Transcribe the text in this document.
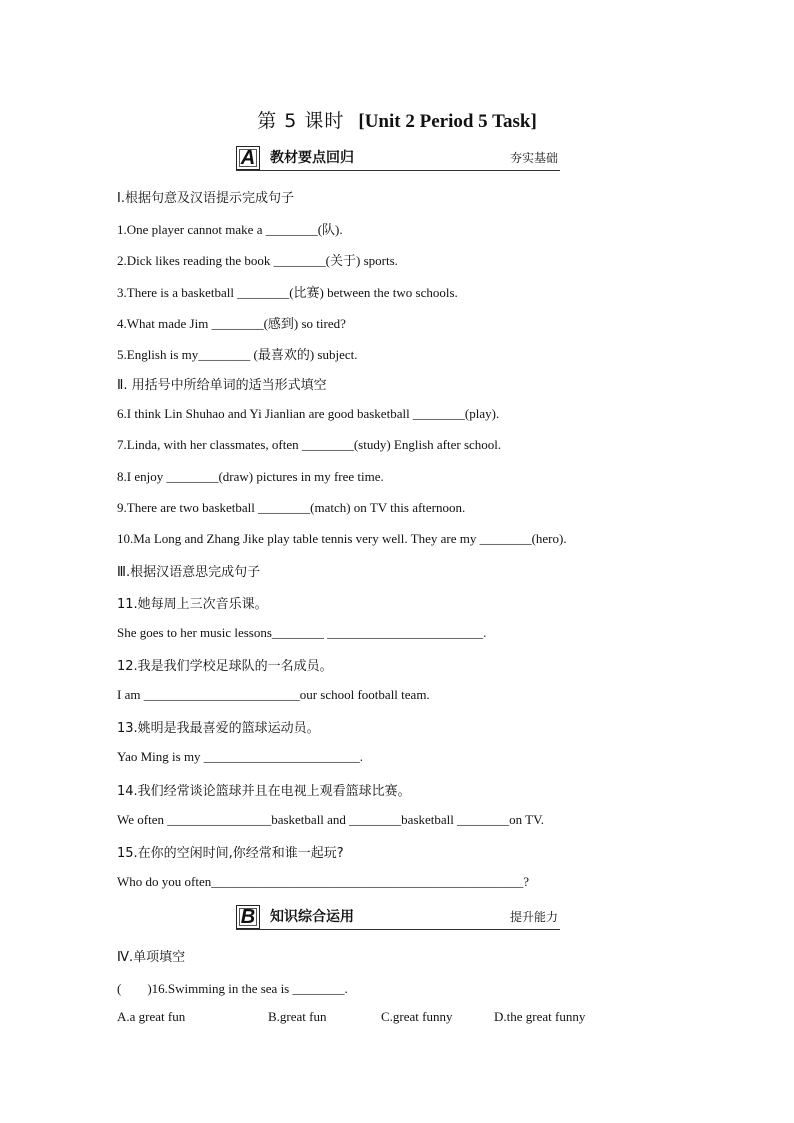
第 5 课时 [Unit 2 Period 5 Task]
A	教材要点回归	夯实基础
Ⅰ.根据句意及汉语提示完成句子
1.One player cannot make a ________(队).
2.Dick likes reading the book ________(关于) sports.
3.There is a basketball ________(比赛) between the two schools.
4.What made Jim ________(感到) so tired?
5.English is my________ (最喜欢的) subject.
Ⅱ. 用括号中所给单词的适当形式填空
6.I think Lin Shuhao and Yi Jianlian are good basketball ________(play).
7.Linda, with her classmates, often ________(study) English after school.
8.I enjoy ________(draw) pictures in my free time.
9.There are two basketball ________(match) on TV this afternoon.
10.Ma Long and Zhang Jike play table tennis very well. They are my ________(hero).
Ⅲ.根据汉语意思完成句子
11.她每周上三次音乐课。
She goes to her music lessons________ ________________________.
12.我是我们学校足球队的一名成员。
I am ________________________our school football team.
13.姚明是我最喜爱的篮球运动员。
Yao Ming is my ________________________.
14.我们经常谈论篮球并且在电视上观看篮球比赛。
We often ________________basketball and ________basketball ________on TV.
15.在你的空闲时间,你经常和谁一起玩?
Who do you often________________________________________________?
B	知识综合运用	提升能力
Ⅳ.单项填空
(　　)16.Swimming in the sea is ________.
A.a great fun	B.great fun	C.great funny	D.the great funny
